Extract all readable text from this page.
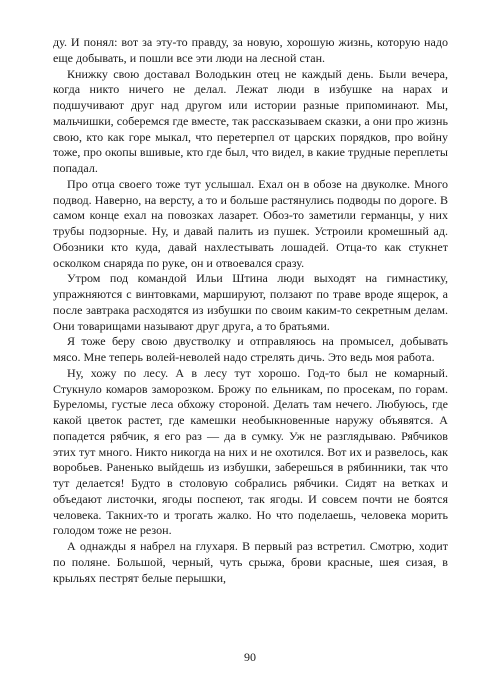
ду. И понял: вот за эту-то правду, за новую, хорошую жизнь, которую надо еще добывать, и пошли все эти люди на лесной стан.

Книжку свою доставал Володькин отец не каждый день. Были вечера, когда никто ничего не делал. Лежат люди в избушке на нарах и подшучивают друг над другом или истории разные припоминают. Мы, мальчишки, соберемся где вместе, так рассказываем сказки, а они про жизнь свою, кто как горе мыкал, что перетерпел от царских порядков, про войну тоже, про окопы вшивые, кто где был, что видел, в какие трудные переплеты попадал.

Про отца своего тоже тут услышал. Ехал он в обозе на двуколке. Много подвод. Наверно, на версту, а то и больше растянулись подводы по дороге. В самом конце ехал на повозках лазарет. Обоз-то заметили германцы, у них трубы подзорные. Ну, и давай палить из пушек. Устроили кромешный ад. Обозники кто куда, давай нахлестывать лошадей. Отца-то как стукнет осколком снаряда по руке, он и отвоевался сразу.

Утром под командой Ильи Штина люди выходят на гимнастику, упражняются с винтовками, маршируют, ползают по траве вроде ящерок, а после завтрака расходятся из избушки по своим каким-то секретным делам. Они товарищами называют друг друга, а то братьями.

Я тоже беру свою двустволку и отправляюсь на промысел, добывать мясо. Мне теперь волей-неволей надо стрелять дичь. Это ведь моя работа.

Ну, хожу по лесу. А в лесу тут хорошо. Год-то был не комарный. Стукнуло комаров заморозком. Брожу по ельникам, по просекам, по горам. Буреломы, густые леса обхожу стороной. Делать там нечего. Любуюсь, где какой цветок растет, где камешки необыкновенные наружу объявятся. А попадется рябчик, я его раз — да в сумку. Уж не разглядываю. Рябчиков этих тут много. Никто никогда на них и не охотился. Вот их и развелось, как воробьев. Раненько выйдешь из избушки, заберешься в рябинники, так что тут делается! Будто в столовую собрались рябчики. Сидят на ветках и объедают листочки, ягоды поспеют, так ягоды. И совсем почти не боятся человека. Такних-то и трогать жалко. Но что поделаешь, человека морить голодом тоже не резон.

А однажды я набрел на глухаря. В первый раз встретил. Смотрю, ходит по поляне. Большой, черный, чуть срыжа, брови красные, шея сизая, в крыльях пестрят белые перышки,

90
